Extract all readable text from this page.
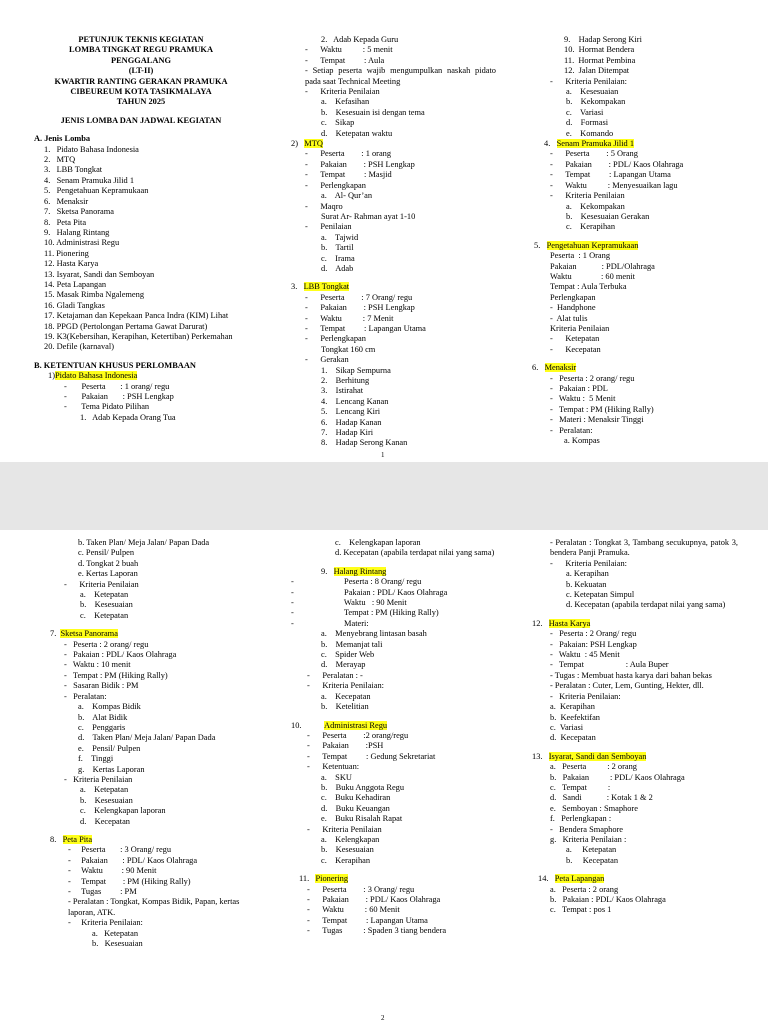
PETUNJUK TEKNIS KEGIATAN
LOMBA TINGKAT REGU PRAMUKA
PENGGALANG
(LT-II)
KWARTIR RANTING GERAKAN PRAMUKA
CIBEUREUM KOTA TASIKMALAYA
TAHUN 2025
JENIS LOMBA DAN JADWAL KEGIATAN
A. Jenis Lomba
1.   Pidato Bahasa Indonesia
2.   MTQ
3.   LBB Tongkat
4.   Senam Pramuka Jilid 1
5.   Pengetahuan Kepramukaan
6.   Menaksir
7.   Sketsa Panorama
8.   Peta Pita
9.   Halang Rintang
10. Administrasi Regu
11. Pionering
12. Hasta Karya
13. Isyarat, Sandi dan Semboyan
14. Peta Lapangan
15. Masak Rimba Ngalemeng
16. Gladi Tangkas
17. Ketajaman dan Kepekaan Panca Indra (KIM) Lihat
18. PPGD (Pertolongan Pertama Gawat Darurat)
19. K3(Kebersihan, Kerapihan, Ketertiban) Perkemahan
20. Defile (karnaval)
B. KETENTUAN KHUSUS PERLOMBAAN
1)Pidato Bahasa Indonesia
-       Peserta       : 1 orang/ regu
-       Pakaian       : PSH Lengkap
-       Tema Pidato Pilihan
1.   Adab Kepada Orang Tua
2.   Adab Kepada Guru
-      Waktu          : 5 menit
-      Tempat         : Aula
- Setiap peserta wajib mengumpulkan naskah pidato pada saat Technical Meeting
-      Kriteria Penilaian
a.    Kefasihan
b.    Kesesuain isi dengan tema
c.    Sikap
d.    Ketepatan waktu
2)   MTQ
-      Peserta        : 1 orang
-      Pakaian        : PSH Lengkap
-      Tempat         : Masjid
-      Perlengkapan
a.    Al- Qur’an
-      Maqro
Surat Ar- Rahman ayat 1-10
-      Penilaian
a.    Tajwid
b.    Tartil
c.    Irama
d.    Adab
3.   LBB Tongkat
-      Peserta        : 7 Orang/ regu
-      Pakaian        : PSH Lengkap
-      Waktu          : 7 Menit
-      Tempat         : Lapangan Utama
-      Perlengkapan
Tongkat 160 cm
-      Gerakan
1.    Sikap Sempurna
2.    Berhitung
3.    Istirahat
4.    Lencang Kanan
5.    Lencang Kiri
6.    Hadap Kanan
7.    Hadap Kiri
8.    Hadap Serong Kanan
9.    Hadap Serong Kiri
10.  Hormat Bendera
11.  Hormat Pembina
12.  Jalan Ditempat
-      Kriteria Penilaian:
a.    Kesesuaian
b.    Kekompakan
c.    Variasi
d.    Formasi
e.    Komando
4.   Senam Pramuka Jilid 1
-      Peserta        : 5 Orang
-      Pakaian        : PDL/ Kaos Olahraga
-      Tempat         : Lapangan Utama
-      Waktu          : Menyesuaikan lagu
-      Kriteria Penilaian
a.    Kekompakan
b.    Kesesuaian Gerakan
c.    Kerapihan
5.   Pengetahuan Kepramukaan
Peserta  : 1 Orang
Pakaian            : PDL/Olahraga
Waktu              : 60 menit
Tempat : Aula Terbuka
Perlengkapan
-  Handphone
-  Alat tulis
Kriteria Penilaian
-      Ketepatan
-      Kecepatan
6.   Menaksir
-   Peserta : 2 orang/ regu
-   Pakaian : PDL
-   Waktu :  5 Menit
-   Tempat : PM (Hiking Rally)
-   Materi : Menaksir Tinggi
-   Peralatan:
a. Kompas
1
b. Taken Plan/ Meja Jalan/ Papan Dada
c. Pensil/ Pulpen
d. Tongkat 2 buah
e. Kertas Laporan
-      Kriteria Penilaian
a.    Ketepatan
b.    Kesesuaian
c.    Ketepatan
7.  Sketsa Panorama
-   Peserta : 2 orang/ regu
-   Pakaian : PDL/ Kaos Olahraga
-   Waktu : 10 menit
-   Tempat : PM (Hiking Rally)
-   Sasaran Bidik : PM
-   Peralatan:
a.    Kompas Bidik
b.    Alat Bidik
c.    Penggaris
d.    Taken Plan/ Meja Jalan/ Papan Dada
e.    Pensil/ Pulpen
f.    Tinggi
g.    Kertas Laporan
-   Kriteria Penilaian
a.    Ketepatan
b.    Kesesuaian
c.    Kelengkapan laporan
d.    Kecepatan
8.   Peta Pita
-     Peserta       : 3 Orang/ regu
-     Pakaian       : PDL/ Kaos Olahraga
-     Waktu         : 90 Menit
-     Tempat        : PM (Hiking Rally)
-     Tugas         : PM
- Peralatan : Tongkat, Kompas Bidik, Papan, kertas laporan, ATK.
-     Kriteria Penilaian:
a.   Ketepatan
b.   Kesesuaian
c.    Kelengkapan laporan
d. Kecepatan (apabila terdapat nilai yang sama)
9.   Halang Rintang
-                        Peserta : 8 Orang/ regu
-                        Pakaian : PDL/ Kaos Olahraga
-                        Waktu   : 90 Menit
-                        Tempat : PM (Hiking Rally)
-                        Materi:
a.    Menyebrang lintasan basah
b.    Memanjat tali
c.    Spider Web
d.    Merayap
-      Peralatan : -
-      Kriteria Penilaian:
a.    Kecepatan
b.    Ketelitian
10.           Administrasi Regu
-      Peserta        :2 orang/regu
-      Pakaian        :PSH
-      Tempat         : Gedung Sekretariat
-      Ketentuan:
a.    SKU
b.    Buku Anggota Regu
c.    Buku Kehadiran
d.    Buku Keuangan
e.    Buku Risalah Rapat
-      Kriteria Penilaian
a.    Kelengkapan
b.    Kesesuaian
c.    Kerapihan
11.   Pionering
-      Peserta        : 3 Orang/ regu
-      Pakaian        : PDL/ Kaos Olahraga
-      Waktu          : 60 Menit
-      Tempat         : Lapangan Utama
-      Tugas          : Spaden 3 tiang bendera
- Peralatan : Tongkat 3, Tambang secukupnya, patok 3, bendera Panji Pramuka.
-      Kriteria Penilaian:
a. Kerapihan
b. Kekuatan
c. Ketepatan Simpul
d. Kecepatan (apabila terdapat nilai yang sama)
12.   Hasta Karya
-   Peserta : 2 Orang/ regu
-   Pakaian: PSH Lengkap
-   Waktu  : 45 Menit
-   Tempat                    : Aula Buper
- Tugas : Membuat hasta karya dari bahan bekas
- Peralatan : Cuter, Lem, Gunting, Hekter, dll.
-   Kriteria Penilaian:
a.  Kerapihan
b.  Keefektifan
c.  Variasi
d.  Kecepatan
13.   Isyarat, Sandi dan Semboyan
a.   Peserta          : 2 orang
b.   Pakaian          : PDL/ Kaos Olahraga
c.   Tempat          :
d.   Sandi            : Kotak 1 & 2
e.   Semboyan : Smaphore
f.   Perlengkapan :
-   Bendera Smaphore
g.   Kriteria Penilaian :
a.     Ketepatan
b.     Kecepatan
14.   Peta Lapangan
a.   Peserta : 2 orang
b.   Pakaian : PDL/ Kaos Olahraga
c.   Tempat : pos 1
2
